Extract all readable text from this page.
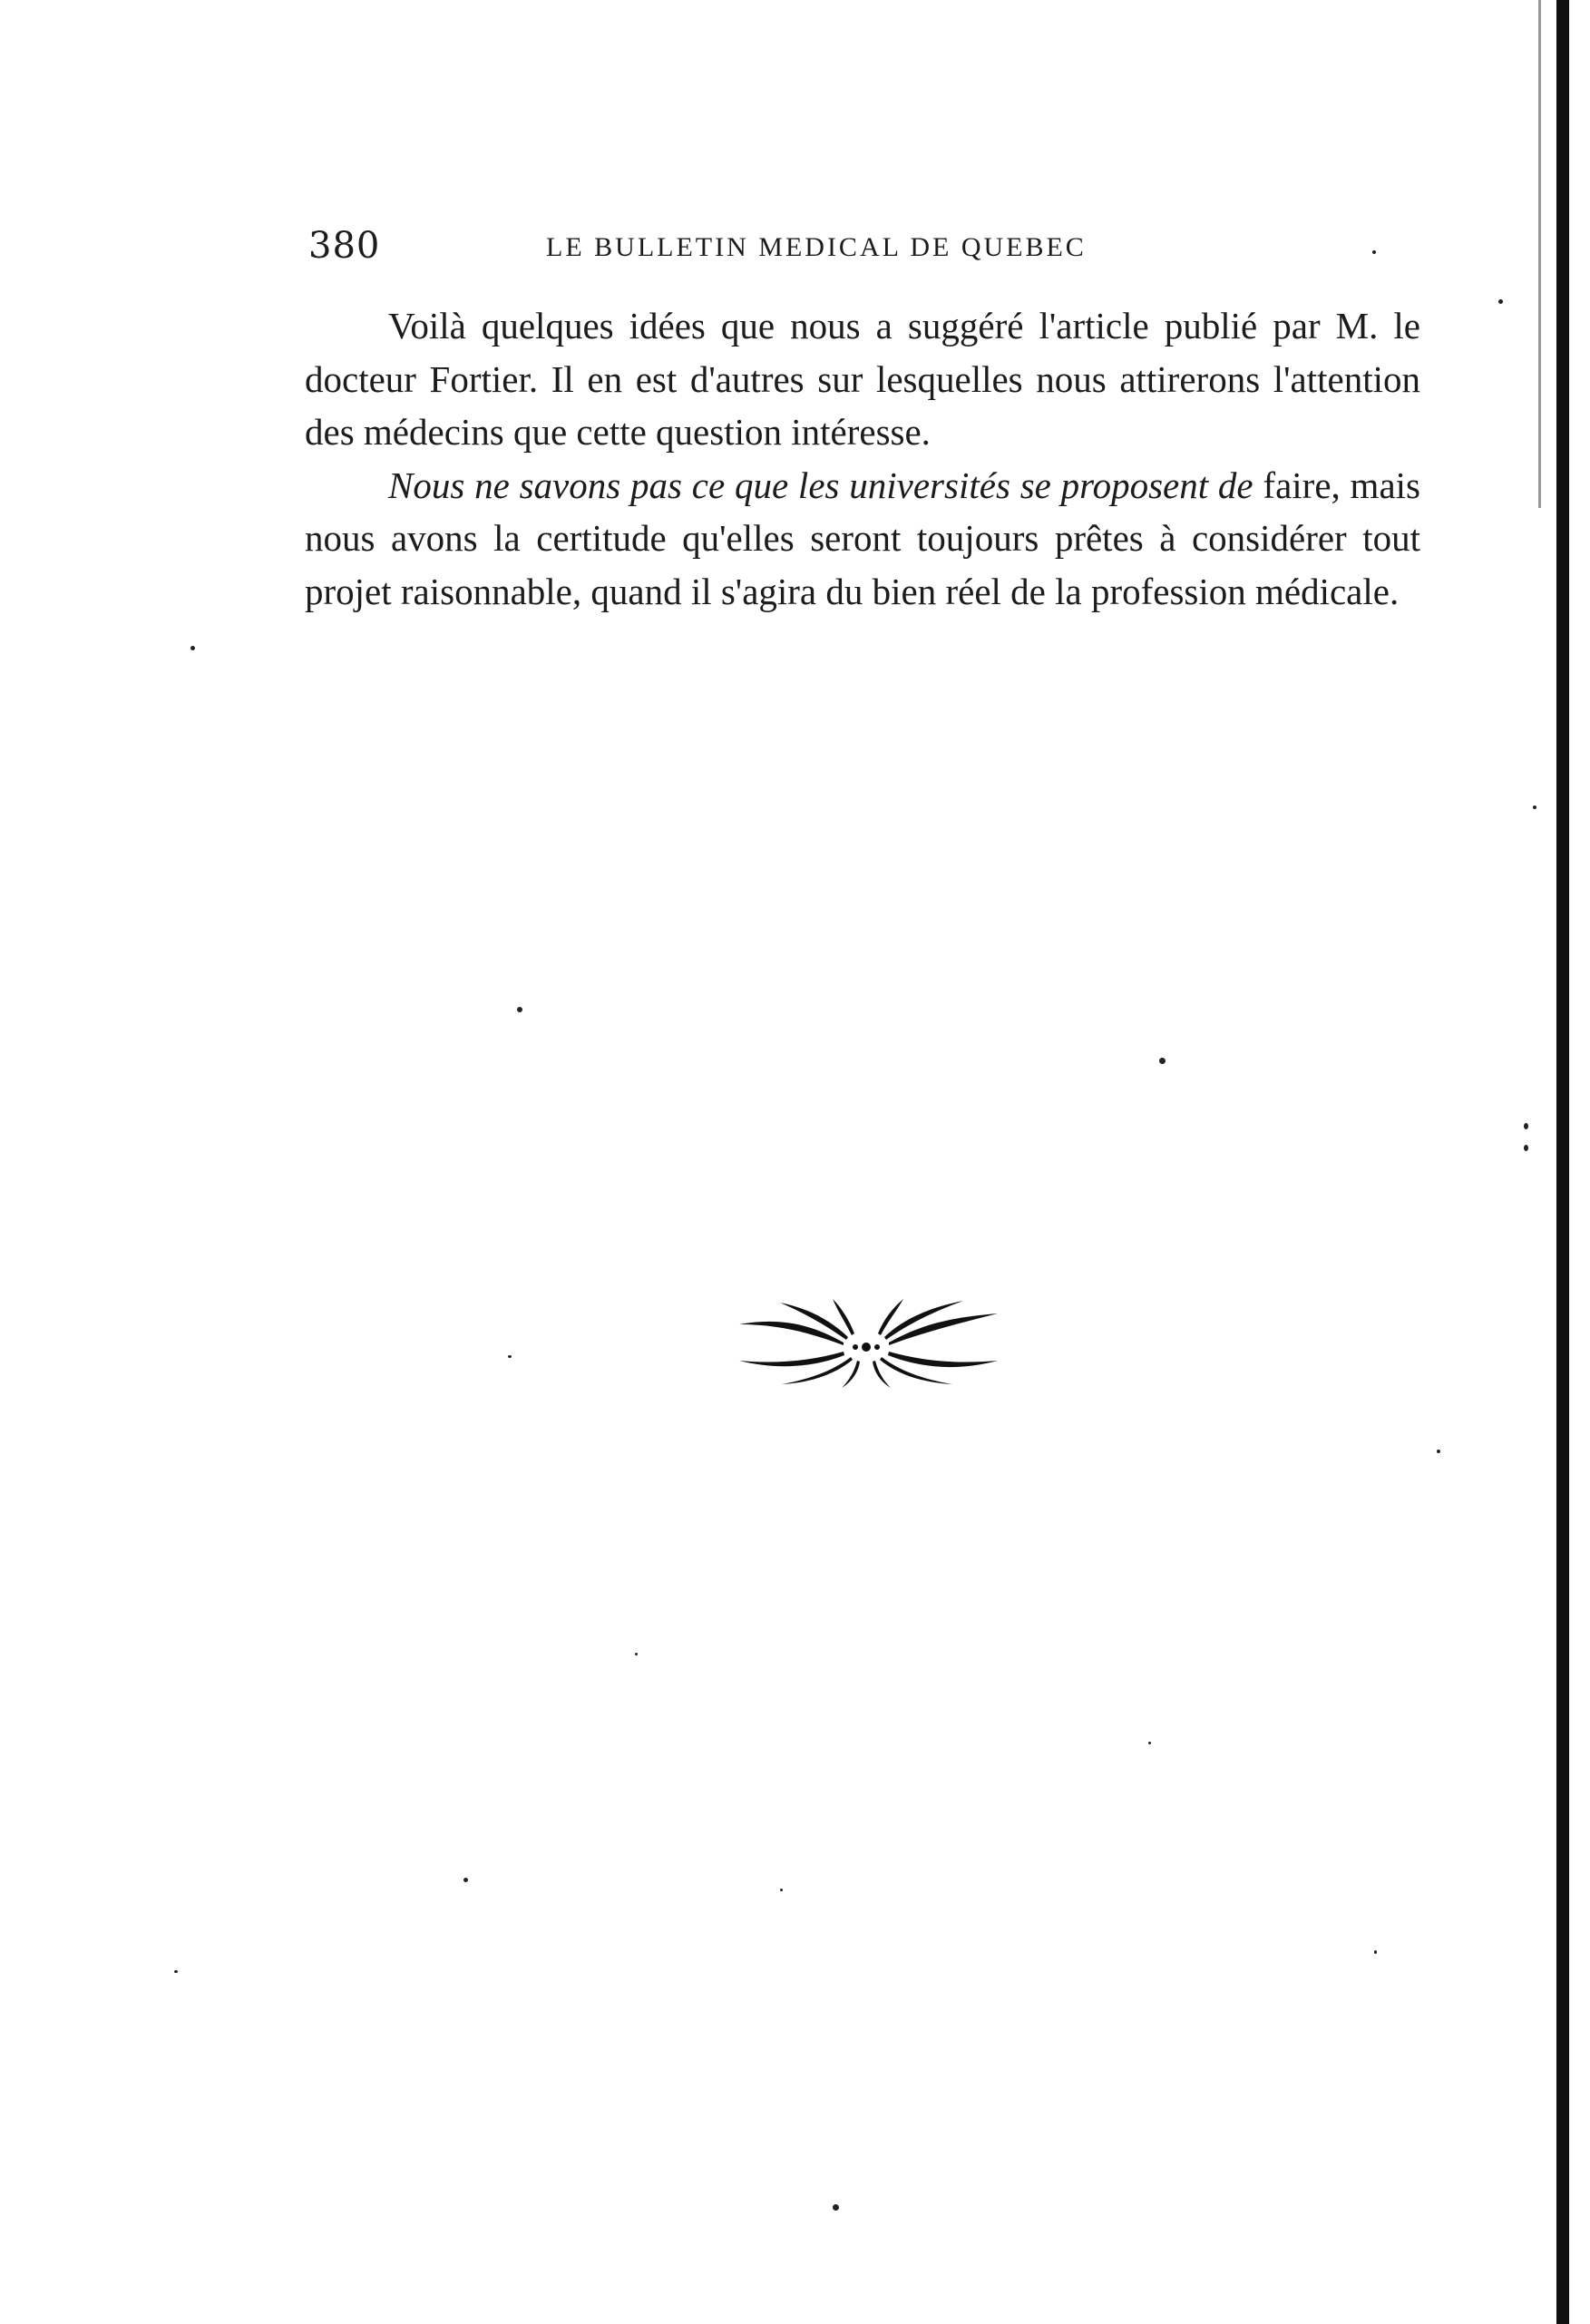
380	LE BULLETIN MEDICAL DE QUEBEC

Voilà quelques idées que nous a suggéré l'article publié par M. le docteur Fortier. Il en est d'autres sur lesquelles nous attirerons l'attention des médecins que cette question intéresse.

Nous ne savons pas ce que les universités se proposent de faire, mais nous avons la certitude qu'elles seront toujours prêtes à considérer tout projet raisonnable, quand il s'agira du bien réel de la profession médicale.
